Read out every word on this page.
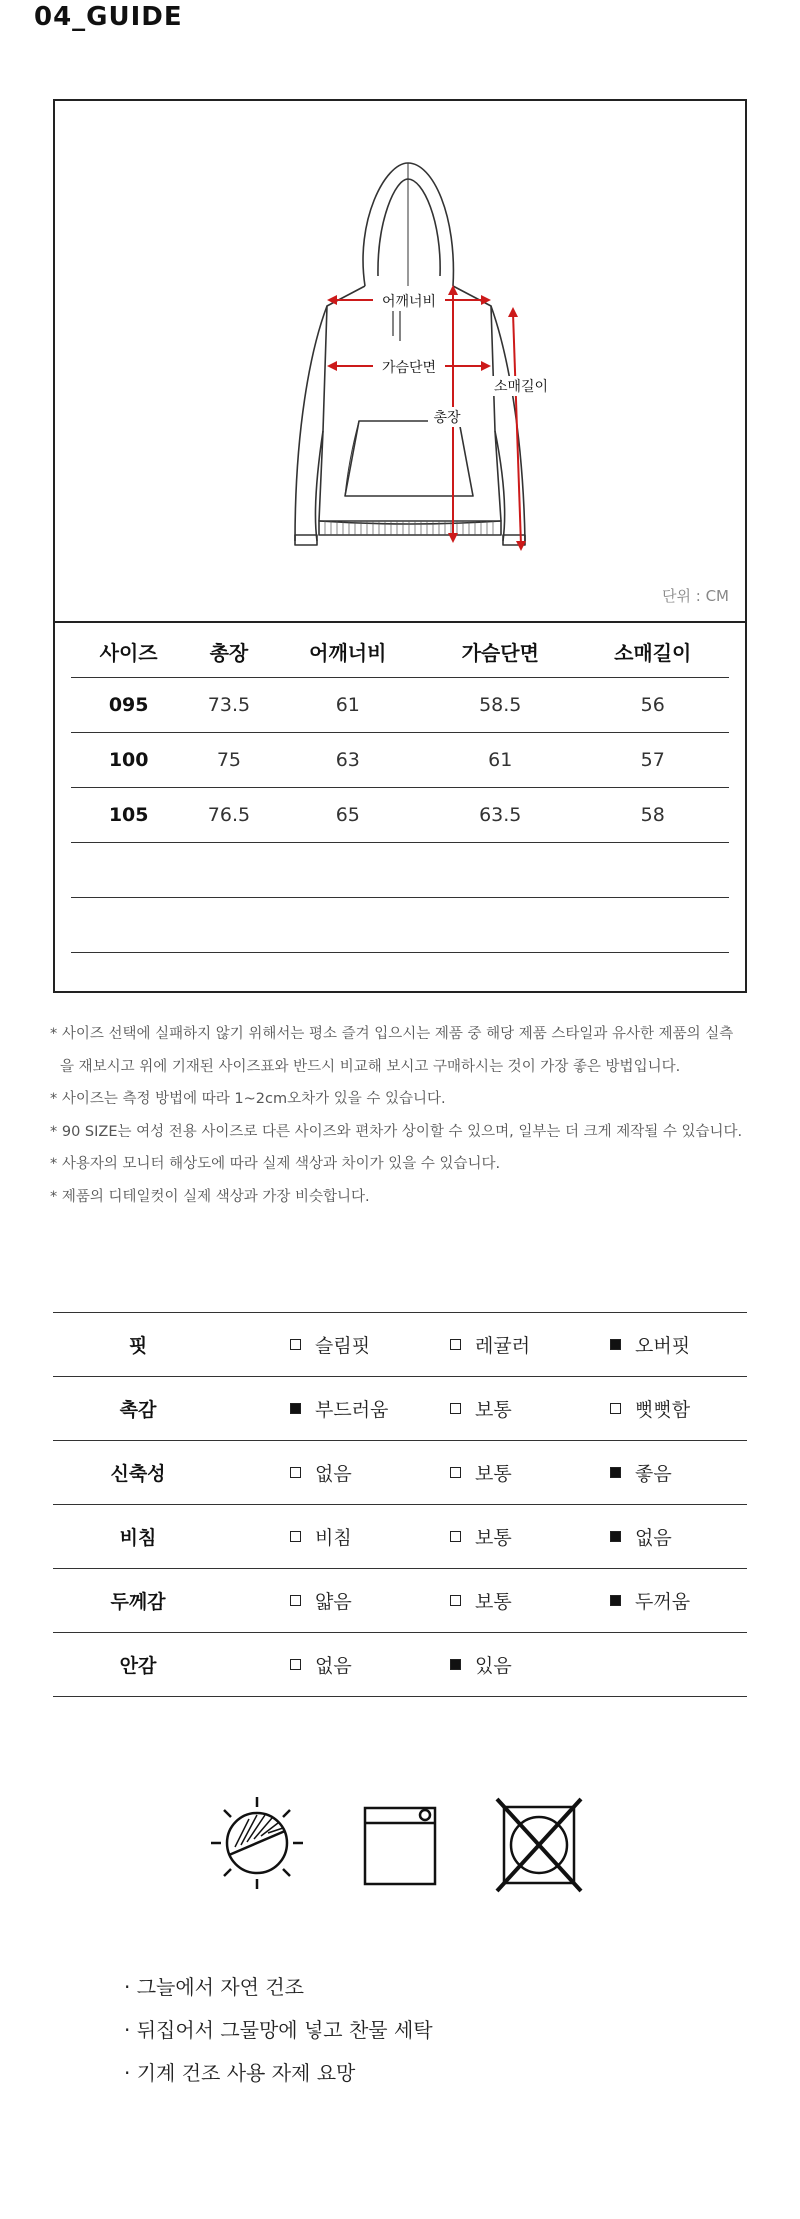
04_GUIDE
어깨너비
가슴단면
총장
소매길이
단위 : CM
사이즈	총장	어깨너비	가슴단면	소매길이
095	73.5	61	58.5	56
100	75	63	61	57
105	76.5	65	63.5	58

* 사이즈 선택에 실패하지 않기 위해서는 평소 즐겨 입으시는 제품 중 해당 제품 스타일과 유사한 제품의 실측
을 재보시고 위에 기재된 사이즈표와 반드시 비교해 보시고 구매하시는 것이 가장 좋은 방법입니다.
* 사이즈는 측정 방법에 따라 1~2cm오차가 있을 수 있습니다.
* 90 SIZE는 여성 전용 사이즈로 다른 사이즈와 편차가 상이할 수 있으며, 일부는 더 크게 제작될 수 있습니다.
* 사용자의 모니터 해상도에 따라 실제 색상과 차이가 있을 수 있습니다.
* 제품의 디테일컷이 실제 색상과 가장 비슷합니다.
핏	슬림핏	레귤러	오버핏
촉감	부드러움	보통	뻣뻣함
신축성	없음	보통	좋음
비침	비침	보통	없음
두께감	얇음	보통	두꺼움
안감	없음	있음
· 그늘에서 자연 건조
· 뒤집어서 그물망에 넣고 찬물 세탁
· 기계 건조 사용 자제 요망
